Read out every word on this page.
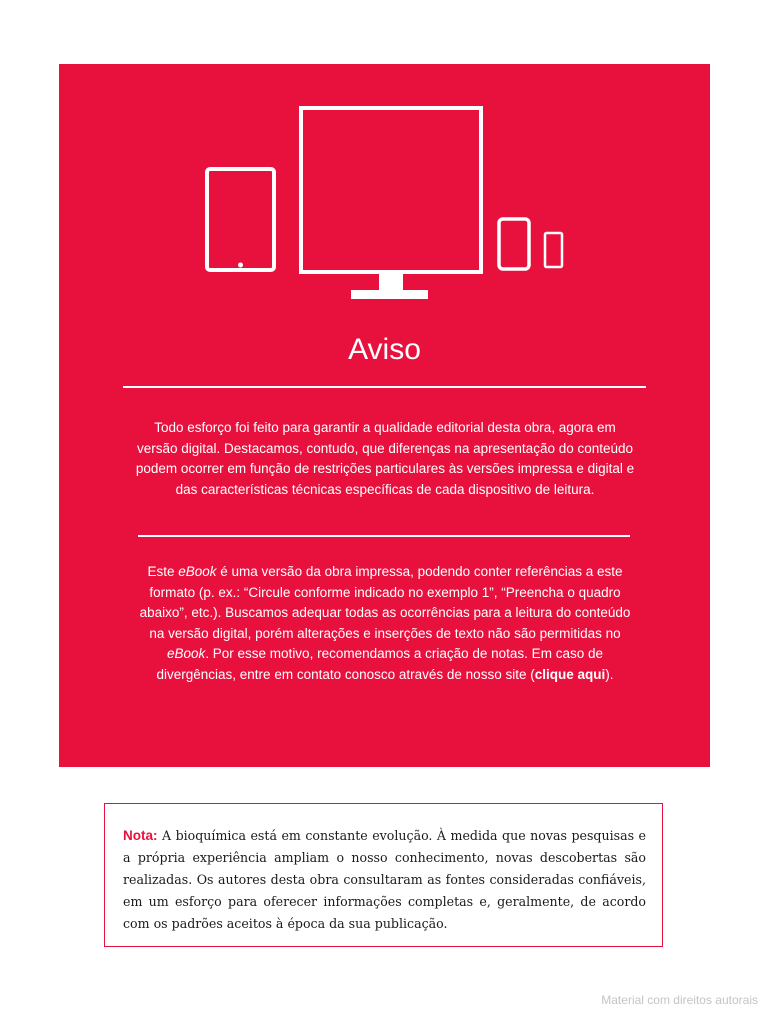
Aviso
Todo esforço foi feito para garantir a qualidade editorial desta obra, agora em versão digital. Destacamos, contudo, que diferenças na apresentação do conteúdo podem ocorrer em função de restrições particulares às versões impressa e digital e das características técnicas específicas de cada dispositivo de leitura.
Este eBook é uma versão da obra impressa, podendo conter referências a este formato (p. ex.: “Circule conforme indicado no exemplo 1”, “Preencha o quadro abaixo”, etc.). Buscamos adequar todas as ocorrências para a leitura do conteúdo na versão digital, porém alterações e inserções de texto não são permitidas no eBook. Por esse motivo, recomendamos a criação de notas. Em caso de divergências, entre em contato conosco através de nosso site (clique aqui).
Nota: A bioquímica está em constante evolução. À medida que novas pesquisas e a própria experiência ampliam o nosso conhecimento, novas descobertas são realizadas. Os autores desta obra consultaram as fontes consideradas confiáveis, em um esforço para oferecer informações completas e, geralmente, de acordo com os padrões aceitos à época da sua publicação.
Material com direitos autorais
